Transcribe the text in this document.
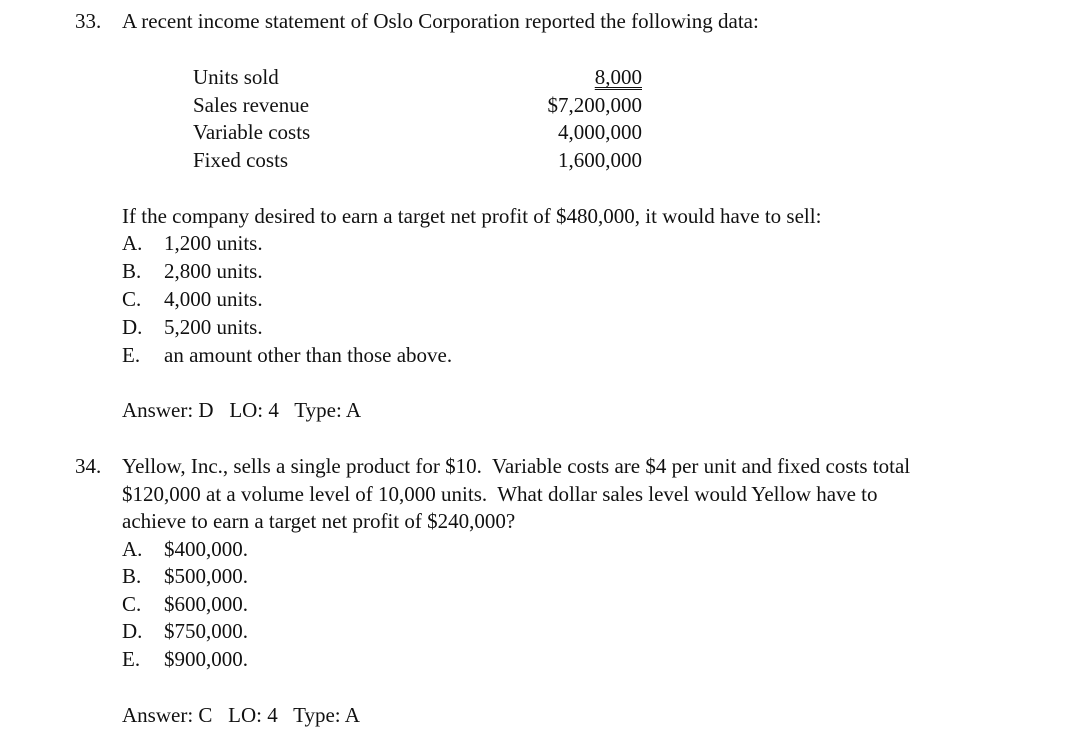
33. A recent income statement of Oslo Corporation reported the following data:
Units sold	8,000
Sales revenue	$7,200,000
Variable costs	4,000,000
Fixed costs	1,600,000
If the company desired to earn a target net profit of $480,000, it would have to sell:
A. 1,200 units.
B. 2,800 units.
C. 4,000 units.
D. 5,200 units.
E. an amount other than those above.
Answer: D   LO: 4   Type: A
34. Yellow, Inc., sells a single product for $10.  Variable costs are $4 per unit and fixed costs total
$120,000 at a volume level of 10,000 units.  What dollar sales level would Yellow have to
achieve to earn a target net profit of $240,000?
A. $400,000.
B. $500,000.
C. $600,000.
D. $750,000.
E. $900,000.
Answer: C   LO: 4   Type: A
